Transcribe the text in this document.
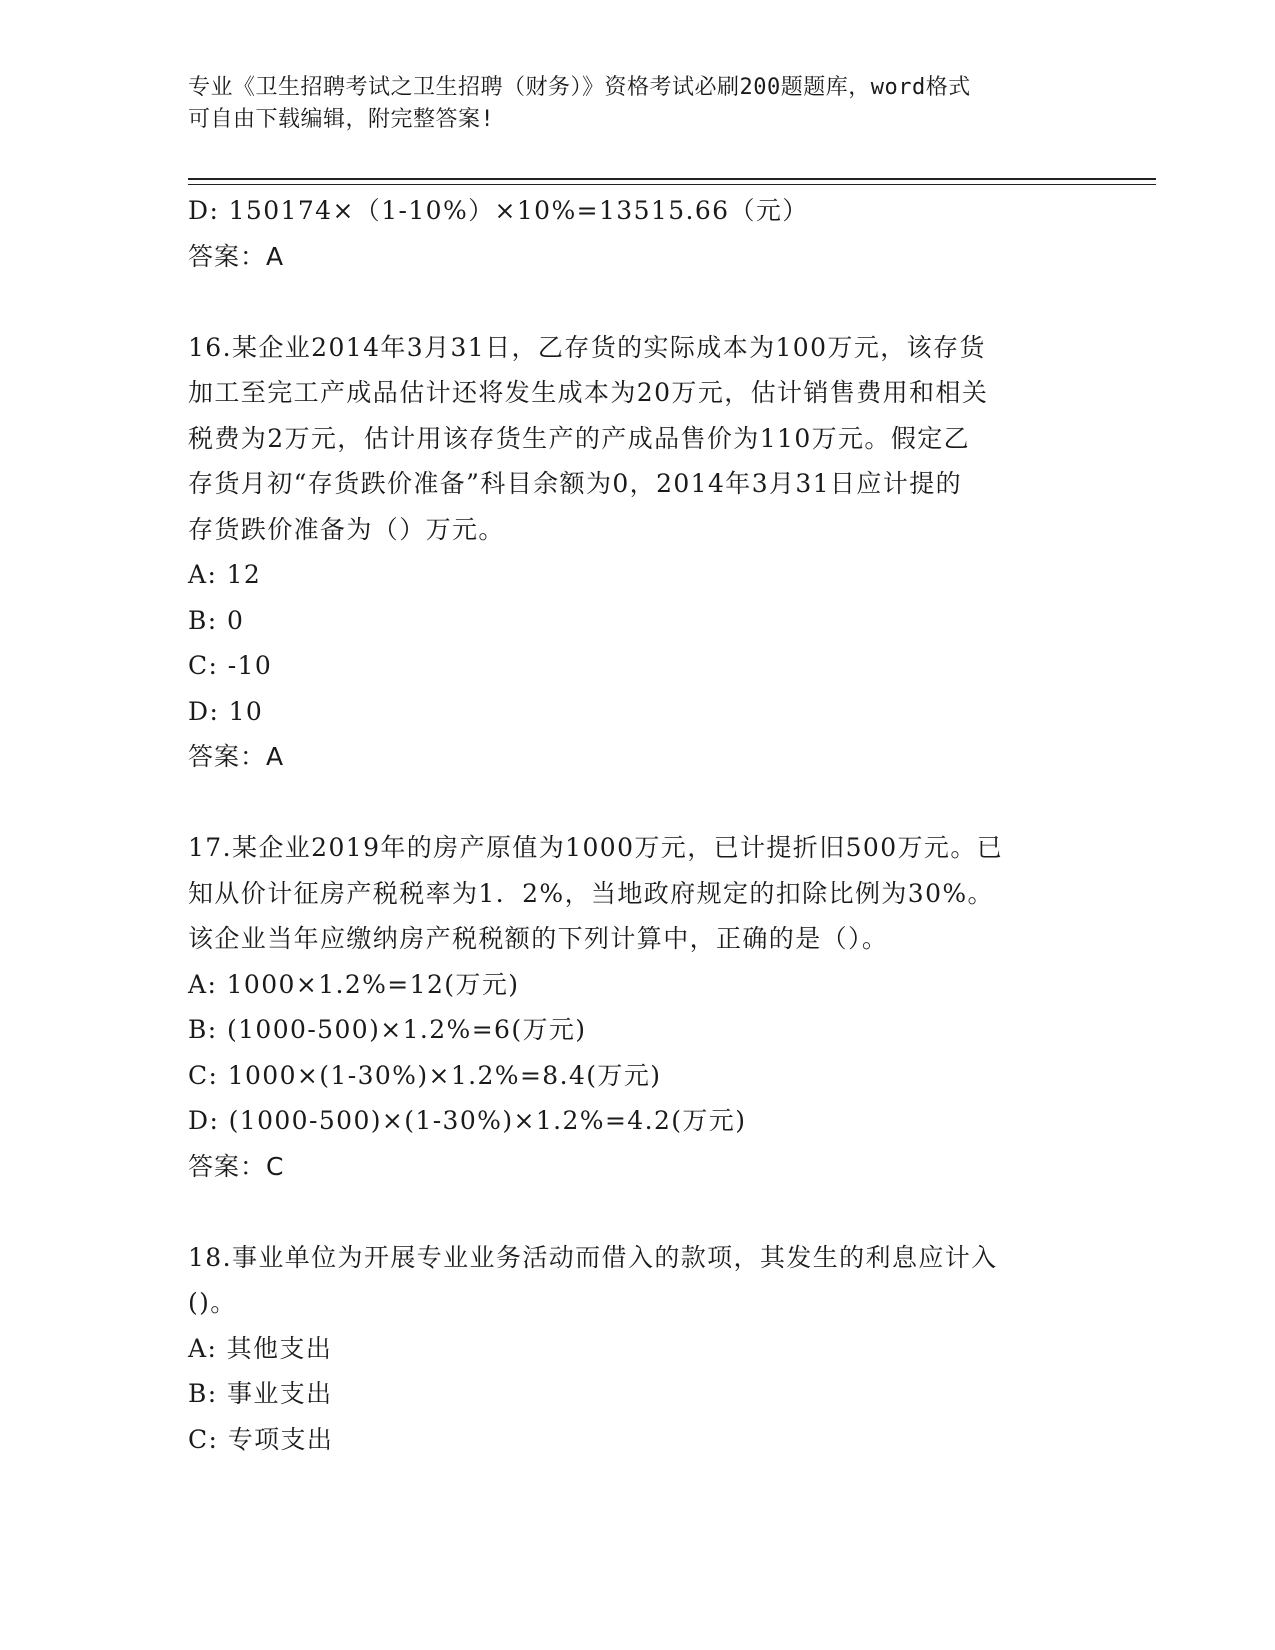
专业《卫生招聘考试之卫生招聘（财务）》资格考试必刷200题题库，word格式
可自由下载编辑，附完整答案!

D: 150174×（1-10%）×10%=13515.66（元）

答案：A

16.某企业2014年3月31日，乙存货的实际成本为100万元，该存货

加工至完工产成品估计还将发生成本为20万元，估计销售费用和相关

税费为2万元，估计用该存货生产的产成品售价为110万元。假定乙

存货月初“存货跌价准备”科目余额为0，2014年3月31日应计提的

存货跌价准备为（）万元。

A: 12

B: 0

C: -10

D: 10

答案：A

17.某企业2019年的房产原值为1000万元，已计提折旧500万元。已

知从价计征房产税税率为1．2%，当地政府规定的扣除比例为30%。

该企业当年应缴纳房产税税额的下列计算中，正确的是（）。

A: 1000×1.2%=12(万元)

B: (1000-500)×1.2%=6(万元)

C: 1000×(1-30%)×1.2%=8.4(万元)

D: (1000-500)×(1-30%)×1.2%=4.2(万元)

答案：C

18.事业单位为开展专业业务活动而借入的款项，其发生的利息应计入

()。

A: 其他支出

B: 事业支出

C: 专项支出
